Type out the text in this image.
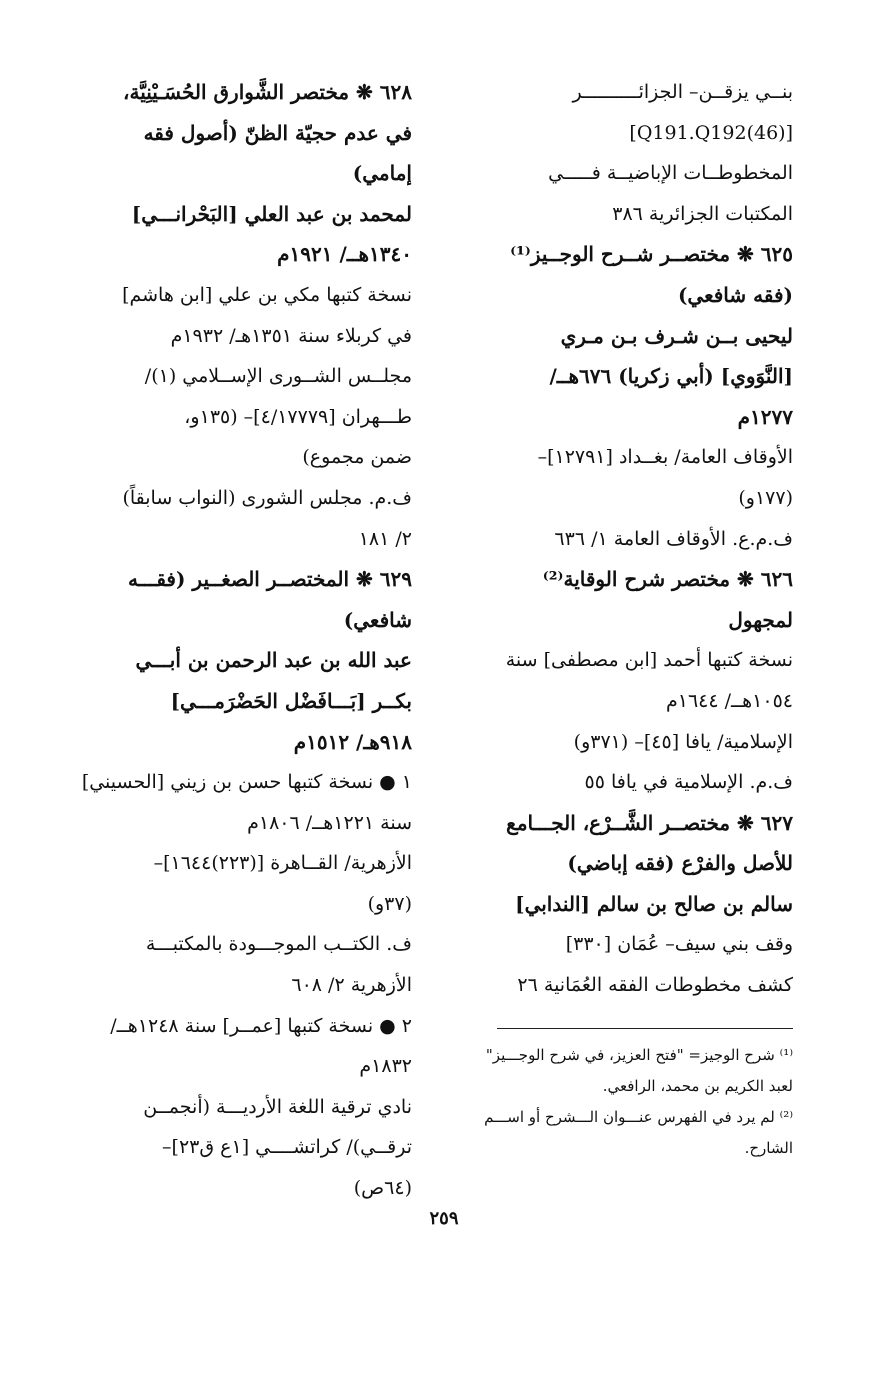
بنــي يزقــن– الجزائــــــــــر
[(46)Q191.Q192]
المخطوطــات الإباضيــة فـــــي
المكتبات الجزائرية ٣٨٦
٦٢٥ ❋ مختصــر شــرح الوجــيز⁽¹⁾
(فقه شافعي)
ليحيى بــن شـرف بـن مـري
[النَّوَوي] (أبي زكريا) ٦٧٦هــ/
١٢٧٧م
الأوقاف العامة/ بغــداد [١٢٧٩١]–
(١٧٧و)
ف.م.ع. الأوقاف العامة ١/ ٦٣٦
٦٢٦ ❋ مختصر شرح الوقاية⁽²⁾
لمجهول
نسخة كتبها أحمد [ابن مصطفى] سنة
١٠٥٤هــ/ ١٦٤٤م
الإسلامية/ يافا [٤٥]– (٣٧١و)
ف.م. الإسلامية في يافا ٥٥
٦٢٧ ❋ مختصــر الشَّــرْع، الجـــامع
للأصل والفرْع (فقه إباضي)
سالم بن صالح بن سالم [الندابي]
وقف بني سيف– عُمَان [٣٣٠]
كشف مخطوطات الفقه العُمَانية ٢٦
٦٢٨ ❋ مختصر الشَّوارق الحُسَـيْنِيَّة،
في عدم حجيّة الظنّ (أصول فقه
إمامي)
لمحمد بن عبد العلي [البَحْرانـــي]
١٣٤٠هــ/ ١٩٢١م
نسخة كتبها مكي بن علي [ابن هاشم]
في كربلاء سنة ١٣٥١هـ/ ١٩٣٢م
مجلــس الشــورى الإســلامي (١)/
طـــهران [٤/١٧٧٧٩]– (١٣٥و،
ضمن مجموع)
ف.م. مجلس الشورى (النواب سابقاً)
٢/ ١٨١
٦٢٩ ❋ المختصــر الصغــير (فقـــه
شافعي)
عبد الله بن عبد الرحمن بن أبـــي
بكــر [بَـــافَضْل الحَضْرَمـــي]
٩١٨هـ/ ١٥١٢م
١ ● نسخة كتبها حسن بن زيني [الحسيني]
سنة ١٢٢١هــ/ ١٨٠٦م
الأزهرية/ القــاهرة [(٢٢٣)١٦٤٤]–
(٣٧و)
ف. الكتــب الموجـــودة بالمكتبـــة
الأزهرية ٢/ ٦٠٨
٢ ● نسخة كتبها [عمــر] سنة ١٢٤٨هــ/
١٨٣٢م
نادي ترقية اللغة الأرديـــة (أنجمــن
ترقــي)/ كراتشــــي [١ع ق٢٣]–
(٦٤ص)
⁽¹⁾ شرح الوجيز= "فتح العزيز، في شرح الوجـــيز"
لعبد الكريم بن محمد، الرافعي.
⁽²⁾ لم يرد في الفهرس عنـــوان الـــشرح أو اســـم
الشارح.
٢٥٩
